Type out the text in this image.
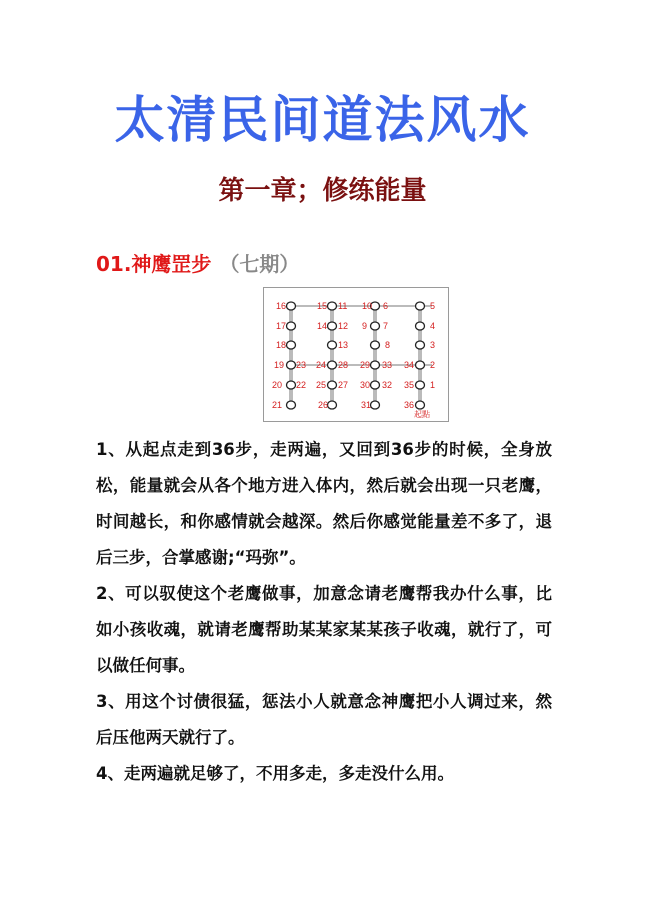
太清民间道法风水
第一章；修练能量
01.神鹰罡步 （七期）
16	15 11 10 6	5
17	14 12 9 7	4
18	13	8	3
19 23 24 28 29 33 34 2
20 22 25 27 30 32 35 1
21	26	31	36
起點

1、从起点走到36步，走两遍，又回到36步的时候，全身放松，能量就会从各个地方进入体内，然后就会出现一只老鹰，时间越长，和你感情就会越深。然后你感觉能量差不多了，退后三步，合掌感谢;“玛弥”。

2、可以驭使这个老鹰做事，加意念请老鹰帮我办什么事，比如小孩收魂，就请老鹰帮助某某家某某孩子收魂，就行了，可以做任何事。

3、用这个讨债很猛，惩法小人就意念神鹰把小人调过来，然后压他两天就行了。

4、走两遍就足够了，不用多走，多走没什么用。
